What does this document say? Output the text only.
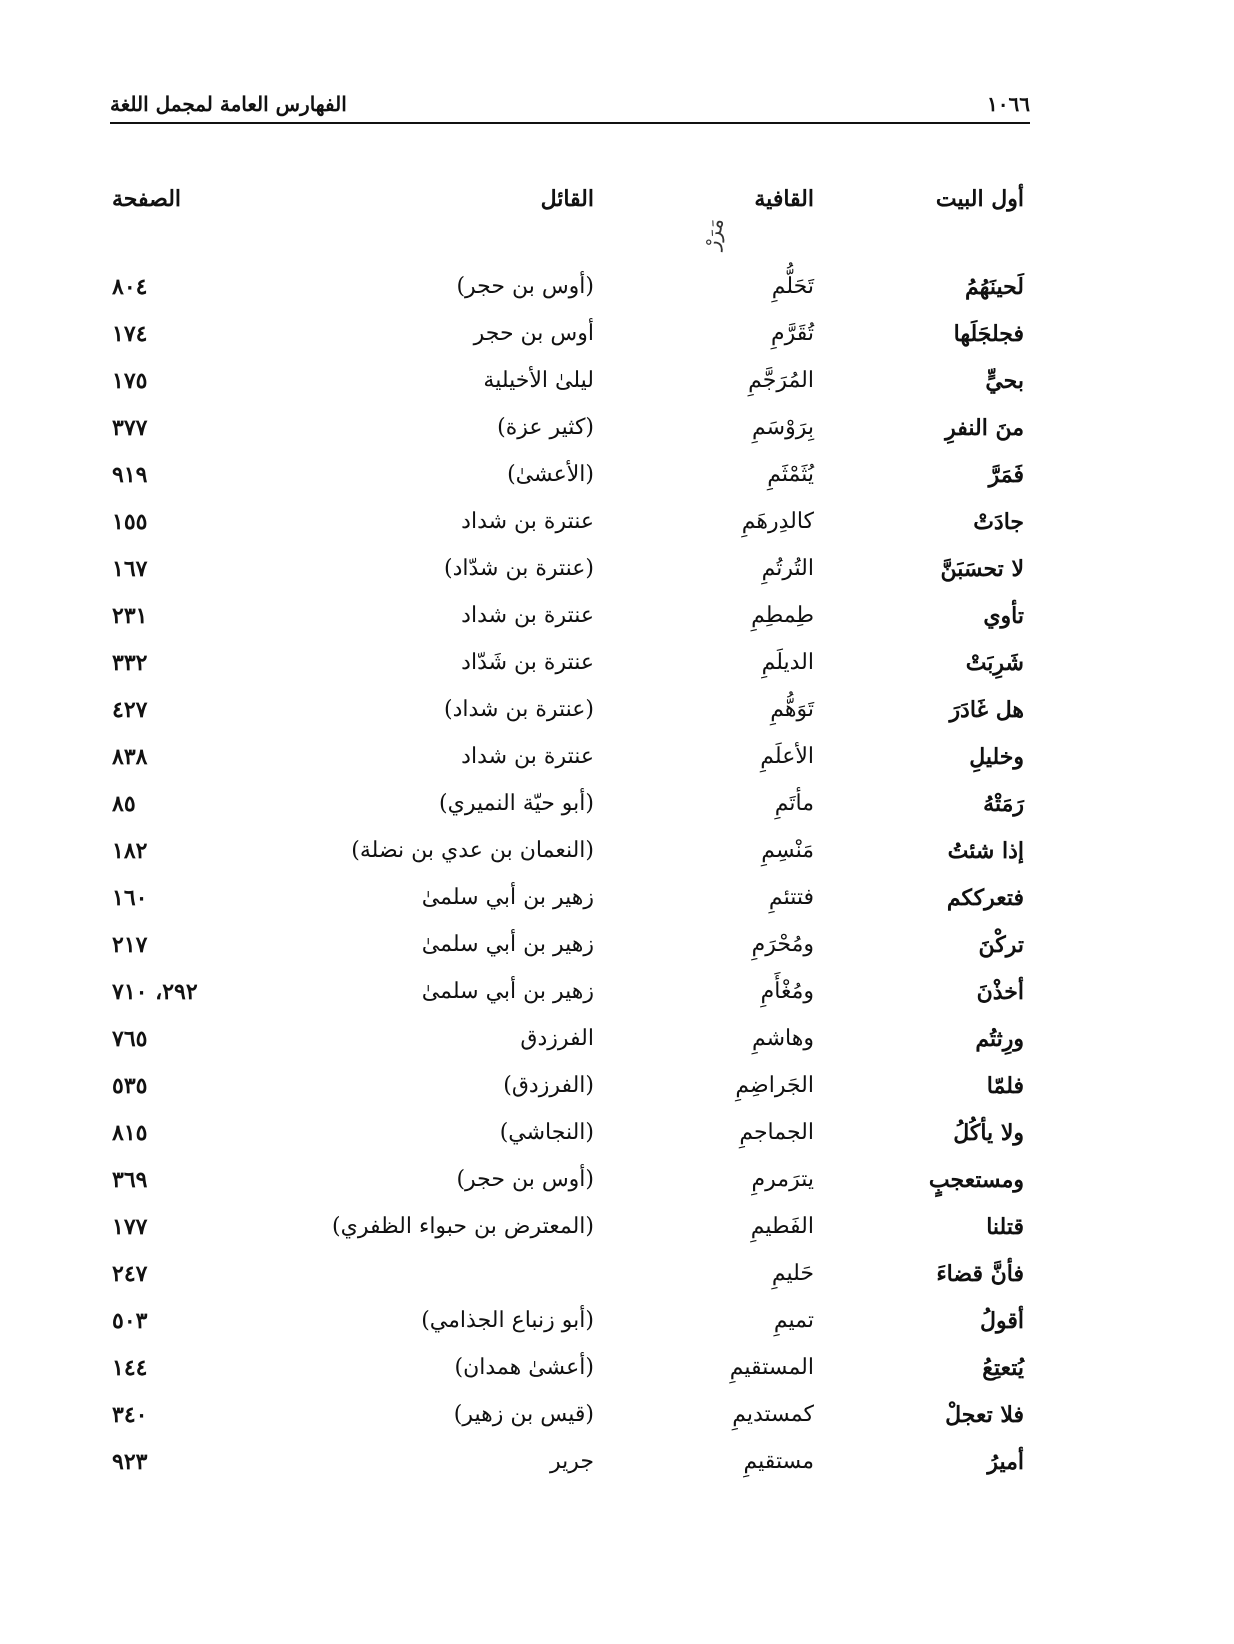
الفهارس العامة لمجمل اللغة	١٠٦٦
أول البيت
القافية
القائل
الصفحة
مَرَرْ
لَحينَهُمُ
تَحَلُّمِ
(أوس بن حجر)
٨٠٤
فجلجَلَها
تُقَرَّمِ
أوس بن حجر
١٧٤
بحيٍّ
المُرَجَّمِ
ليلىٰ الأخيلية
١٧٥
منَ النفرِ
بِرَوْسَمِ
(كثير عزة)
٣٧٧
فَمَرَّ
يُثَمْثَمِ
(الأعشىٰ)
٩١٩
جادَتْ
كالدِرهَمِ
عنترة بن شداد
١٥٥
لا تحسَبَنَّ
التُرتُمِ
(عنترة بن شدّاد)
١٦٧
تأوي
طِمطِمِ
عنترة بن شداد
٢٣١
شَرِبَتْ
الديلَمِ
عنترة بن شَدّاد
٣٣٢
هل غَادَرَ
تَوَهُّمِ
(عنترة بن شداد)
٤٢٧
وخليلِ
الأعلَمِ
عنترة بن شداد
٨٣٨
رَمَتْهُ
مأتَمِ
(أبو حيّة النميري)
٨٥
إذا شئتُ
مَنْسِمِ
(النعمان بن عدي بن نضلة)
١٨٢
فتعرككم
فتتئمِ
زهير بن أبي سلمىٰ
١٦٠
تركْنَ
ومُحْرَمِ
زهير بن أبي سلمىٰ
٢١٧
أخذْنَ
ومُغْأَمِ
زهير بن أبي سلمىٰ
٢٩٢، ٧١٠
ورِثتُم
وهاشمِ
الفرزدق
٧٦٥
فلمّا
الجَراضِمِ
(الفرزدق)
٥٣٥
ولا يأكُلُ
الجماجمِ
(النجاشي)
٨١٥
ومستعجبٍ
يترَمرمِ
(أوس بن حجر)
٣٦٩
قتلنا
الفَطيمِ
(المعترض بن حبواء الظفري)
١٧٧
فأنَّ قضاءَ
حَليمِ
٢٤٧
أقولُ
تميمِ
(أبو زنباع الجذامي)
٥٠٣
يُتعتِعُ
المستقيمِ
(أعشىٰ همدان)
١٤٤
فلا تعجلْ
كمستديمِ
(قيس بن زهير)
٣٤٠
أميرُ
مستقيمِ
جرير
٩٢٣
